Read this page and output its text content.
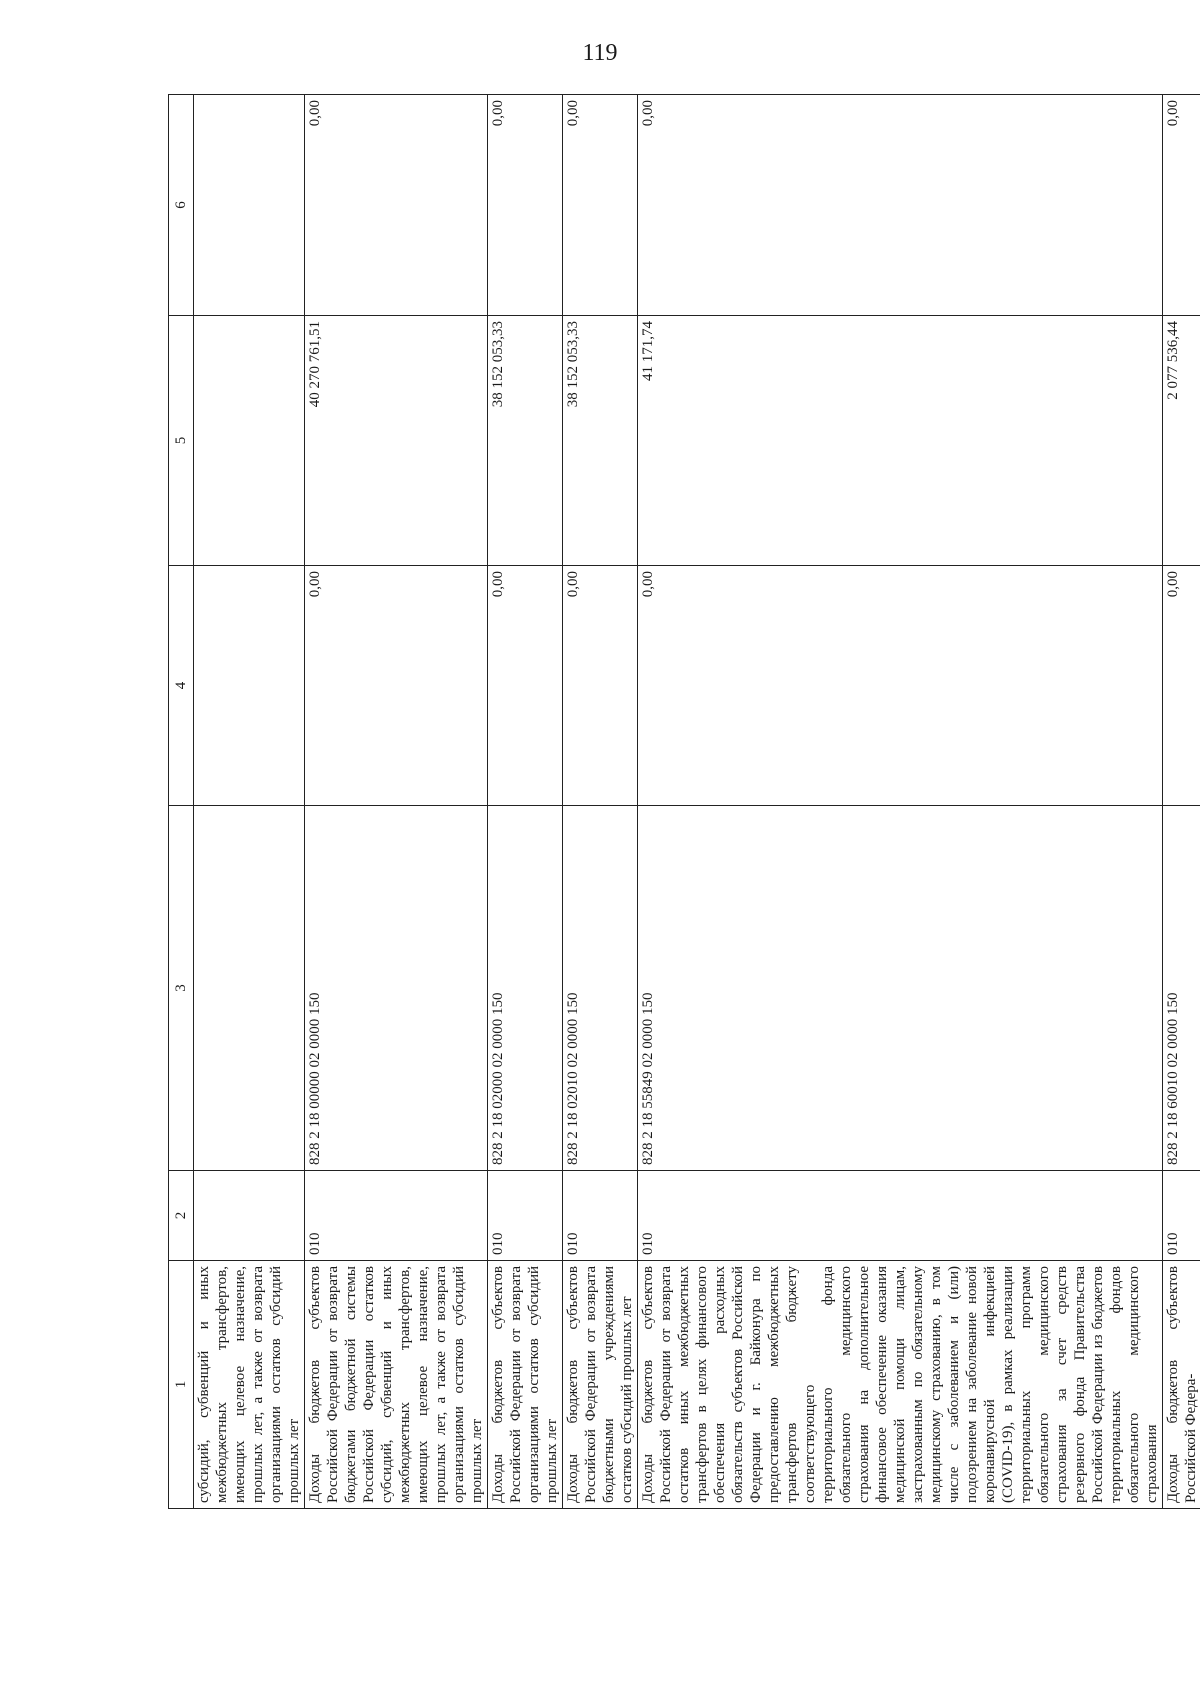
119
1	2	3	4	5	6
субсидий, субвенций и иных межбюджетных трансфертов, имеющих целевое назначение, прошлых лет, а также от возврата организациями остатков субсидий прошлых лет					
Доходы бюджетов субъектов Российской Федерации от возврата бюджетами бюджетной системы Российской Федерации остатков субсидий, субвенций и иных межбюджетных трансфертов, имеющих целевое назначение, прошлых лет, а также от возврата организациями остатков субсидий прошлых лет	010	828 2 18 00000 02 0000 150	0,00	40 270 761,51	0,00
Доходы бюджетов субъектов Российской Федерации от возврата организациями остатков субсидий прошлых лет	010	828 2 18 02000 02 0000 150	0,00	38 152 053,33	0,00
Доходы бюджетов субъектов Российской Федерации от возврата бюджетными учреждениями остатков субсидий прошлых лет	010	828 2 18 02010 02 0000 150	0,00	38 152 053,33	0,00
Доходы бюджетов субъектов Российской Федерации от возврата остатков иных межбюджетных трансфертов в целях финансового обеспечения расходных обязательств субъектов Российской Федерации и г. Байконура по предоставлению межбюджетных трансфертов бюджету соответствующего территориального фонда обязательного медицинского страхования на дополнительное финансовое обеспечение оказания медицинской помощи лицам, застрахованным по обязательному медицинскому страхованию, в том числе с заболеванием и (или) подозрением на заболевание новой коронавирусной инфекцией (COVID-19), в рамках реализации территориальных программ обязательного медицинского страхования за счет средств резервного фонда Правительства Российской Федерации из бюджетов территориальных фондов обязательного медицинского страхования	010	828 2 18 55849 02 0000 150	0,00	41 171,74	0,00
Доходы бюджетов субъектов Российской Федера-	010	828 2 18 60010 02 0000 150	0,00	2 077 536,44	0,00
